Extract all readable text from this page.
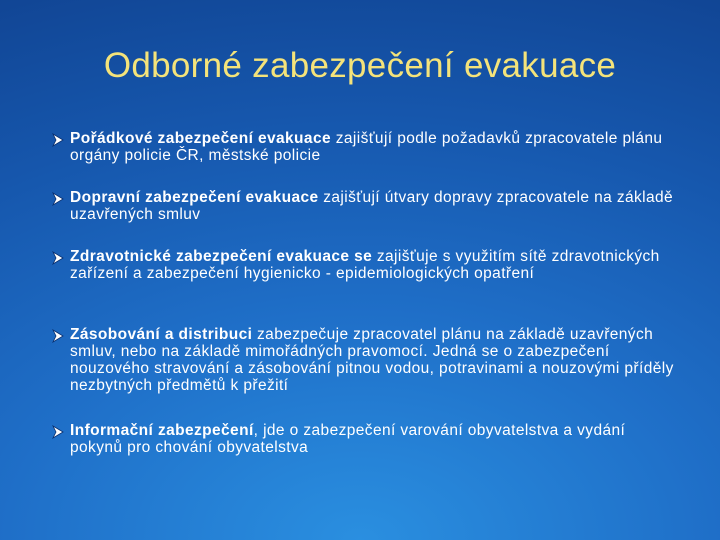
Odborné zabezpečení evakuace
Pořádkové zabezpečení evakuace zajišťují podle požadavků zpracovatele plánu orgány policie ČR, městské policie
Dopravní zabezpečení evakuace zajišťují útvary dopravy zpracovatele na základě uzavřených smluv
Zdravotnické zabezpečení evakuace se zajišťuje s využitím sítě zdravotnických zařízení a zabezpečení hygienicko - epidemiologických opatření
Zásobování a distribuci zabezpečuje zpracovatel plánu na základě uzavřených smluv, nebo na základě mimořádných pravomocí. Jedná se o zabezpečení nouzového stravování a zásobování pitnou vodou, potravinami a nouzovými příděly nezbytných předmětů k přežití
Informační zabezpečení, jde o zabezpečení varování obyvatelstva a vydání pokynů pro chování obyvatelstva
